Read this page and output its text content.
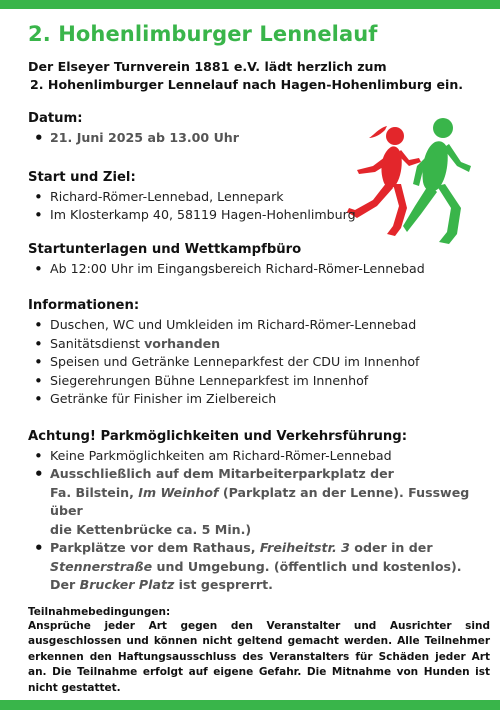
2. Hohenlimburger Lennelauf
Der Elseyer Turnverein 1881 e.V. lädt herzlich zum
2. Hohenlimburger Lennelauf nach Hagen-Hohenlimburg ein.
Datum:
• 21. Juni 2025 ab 13.00 Uhr
Start und Ziel:
• Richard-Römer-Lennebad, Lennepark
• Im Klosterkamp 40, 58119 Hagen-Hohenlimburg
Startunterlagen und Wettkampfbüro
• Ab 12:00 Uhr im Eingangsbereich Richard-Römer-Lennebad
Informationen:
• Duschen, WC und Umkleiden im Richard-Römer-Lennebad
• Sanitätsdienst vorhanden
• Speisen und Getränke Lenneparkfest der CDU im Innenhof
• Siegerehrungen Bühne Lenneparkfest im Innenhof
• Getränke für Finisher im Zielbereich
Achtung! Parkmöglichkeiten und Verkehrsführung:
• Keine Parkmöglichkeiten am Richard-Römer-Lennebad
• Ausschließlich auf dem Mitarbeiterparkplatz der
Fa. Bilstein, Im Weinhof (Parkplatz an der Lenne). Fussweg über
die Kettenbrücke ca. 5 Min.)
• Parkplätze vor dem Rathaus, Freiheitstr. 3 oder in der
Stennerstraße und Umgebung. (öffentlich und kostenlos).
Der Brucker Platz ist gesprerrt.
Teilnahmebedingungen:
Ansprüche jeder Art gegen den Veranstalter und Ausrichter sind ausgeschlossen und können nicht geltend gemacht werden. Alle Teilnehmer erkennen den Haftungsausschluss des Veranstalters für Schäden jeder Art an. Die Teilnahme erfolgt auf eigene Gefahr. Die Mitnahme von Hunden ist nicht gestattet.
